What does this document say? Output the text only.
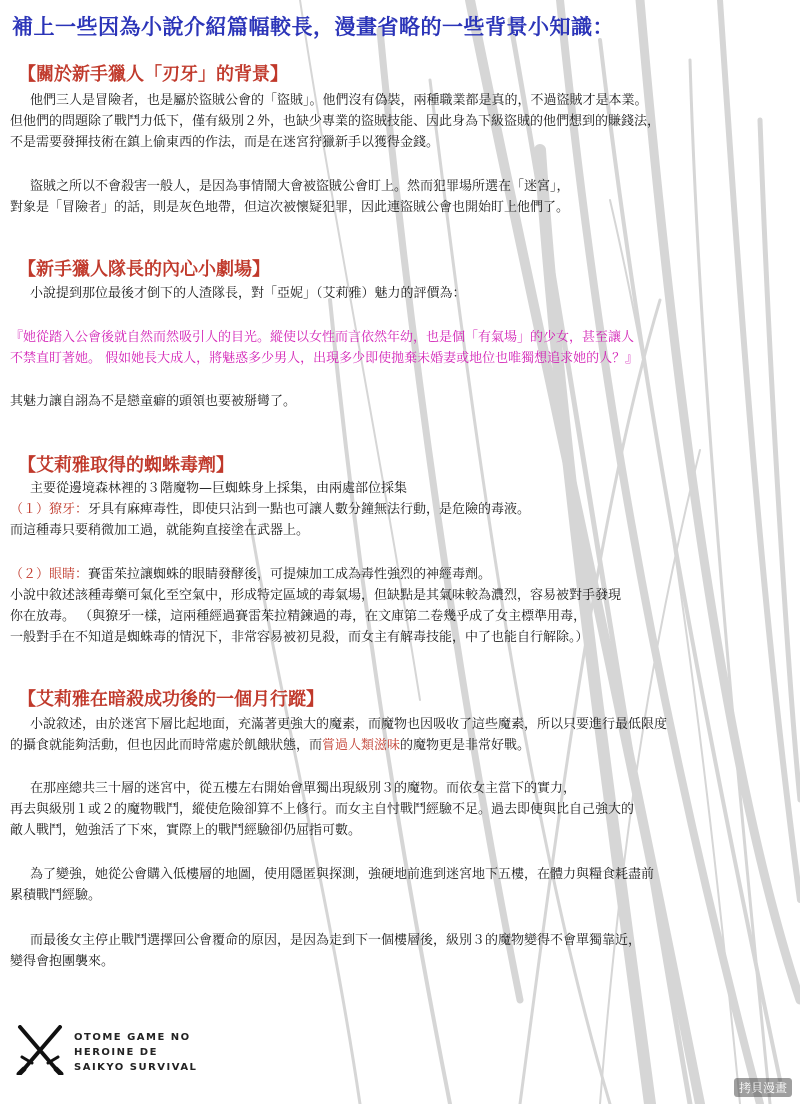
補上一些因為小說介紹篇幅較長，漫畫省略的一些背景小知識：
【關於新手獵人「刃牙」的背景】
他們三人是冒險者，也是屬於盜賊公會的「盜賊」。他們沒有偽裝，兩種職業都是真的，不過盜賊才是本業。
但他們的問題除了戰鬥力低下，僅有級別２外，也缺少專業的盜賊技能、因此身為下級盜賊的他們想到的賺錢法，
不是需要發揮技術在鎮上偷東西的作法，而是在迷宮狩獵新手以獲得金錢。
盜賊之所以不會殺害一般人，是因為事情鬧大會被盜賊公會盯上。然而犯罪場所選在「迷宮」，
對象是「冒險者」的話，則是灰色地帶，但這次被懷疑犯罪，因此連盜賊公會也開始盯上他們了。
【新手獵人隊長的內心小劇場】
小說提到那位最後才倒下的人渣隊長，對「亞妮」（艾莉雅）魅力的評價為：
『她從踏入公會後就自然而然吸引人的目光。縱使以女性而言依然年幼，也是個「有氣場」的少女，甚至讓人
不禁直盯著她。 假如她長大成人，將魅惑多少男人，出現多少即使拋棄未婚妻或地位也唯獨想追求她的人？』
其魅力讓自詡為不是戀童癖的頭領也要被掰彎了。
【艾莉雅取得的蜘蛛毒劑】
主要從邊境森林裡的３階魔物—巨蜘蛛身上採集，由兩處部位採集
（１）獠牙：牙具有麻痺毒性，即使只沾到一點也可讓人數分鐘無法行動，是危險的毒液。
而這種毒只要稍微加工過，就能夠直接塗在武器上。
（２）眼睛：賽雷茱拉讓蜘蛛的眼睛發酵後，可提煉加工成為毒性強烈的神經毒劑。
小說中敘述該種毒藥可氣化至空氣中，形成特定區域的毒氣場，但缺點是其氣味較為濃烈，容易被對手發現
你在放毒。 （與獠牙一樣，這兩種經過賽雷茱拉精鍊過的毒，在文庫第二卷幾乎成了女主標準用毒，
一般對手在不知道是蜘蛛毒的情況下，非常容易被初見殺，而女主有解毒技能，中了也能自行解除。）
【艾莉雅在暗殺成功後的一個月行蹤】
小說敘述，由於迷宮下層比起地面，充滿著更強大的魔素，而魔物也因吸收了這些魔素，所以只要進行最低限度
的攝食就能夠活動，但也因此而時常處於飢餓狀態，而嘗過人類滋味的魔物更是非常好戰。
在那座總共三十層的迷宮中，從五樓左右開始會單獨出現級別３的魔物。而依女主當下的實力，
再去與級別１或２的魔物戰鬥，縱使危險卻算不上修行。而女主自忖戰鬥經驗不足。過去即便與比自己強大的
敵人戰鬥，勉強活了下來，實際上的戰鬥經驗卻仍屈指可數。
為了變強，她從公會購入低樓層的地圖，使用隱匿與探測，強硬地前進到迷宮地下五樓，在體力與糧食耗盡前
累積戰鬥經驗。
而最後女主停止戰鬥選擇回公會覆命的原因，是因為走到下一個樓層後，級別３的魔物變得不會單獨靠近，
變得會抱團襲來。
OTOME GAME NO
HEROINE DE
SAIKYO SURVIVAL
拷貝漫畫
